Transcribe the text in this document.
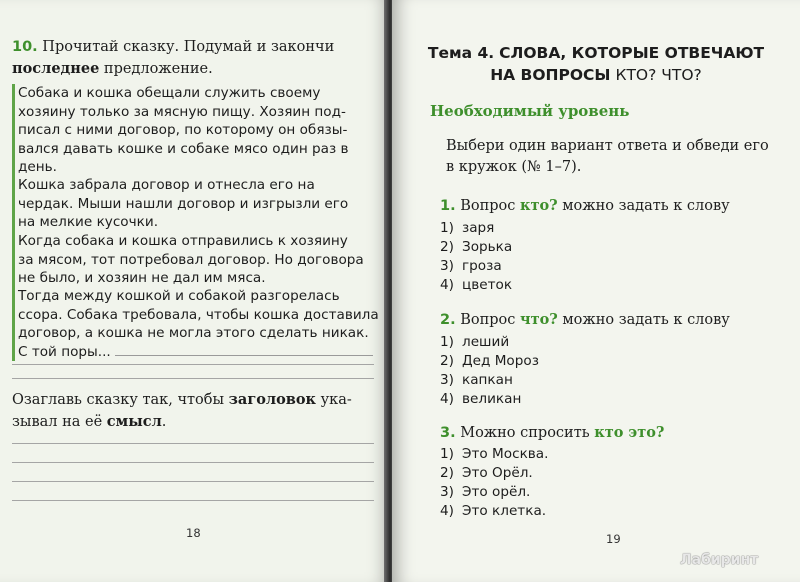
10. Прочитай сказку. Подумай и закончи
последнее предложение.
Собака и кошка обещали служить своему
хозяину только за мясную пищу. Хозяин под-
писал с ними договор, по которому он обязы-
вался давать кошке и собаке мясо один раз в
день.
Кошка забрала договор и отнесла его на
чердак. Мыши нашли договор и изгрызли его
на мелкие кусочки.
Когда собака и кошка отправились к хозяину
за мясом, тот потребовал договор. Но договора
не было, и хозяин не дал им мяса.
Тогда между кошкой и собакой разгорелась
ссора. Собака требовала, чтобы кошка доставила
договор, а кошка не могла этого сделать никак.
С той поры...
Озаглавь сказку так, чтобы заголовок ука-
зывал на её смысл.
18
Тема 4. СЛОВА, КОТОРЫЕ ОТВЕЧАЮТ
НА ВОПРОСЫ КТО? ЧТО?
Необходимый уровень
Выбери один вариант ответа и обведи его
в кружок (№ 1–7).
1. Вопрос кто? можно задать к слову
1) заря
2) Зорька
3) гроза
4) цветок
2. Вопрос что? можно задать к слову
1) леший
2) Дед Мороз
3) капкан
4) великан
3. Можно спросить кто это?
1) Это Москва.
2) Это Орёл.
3) Это орёл.
4) Это клетка.
19
Лабиринт
